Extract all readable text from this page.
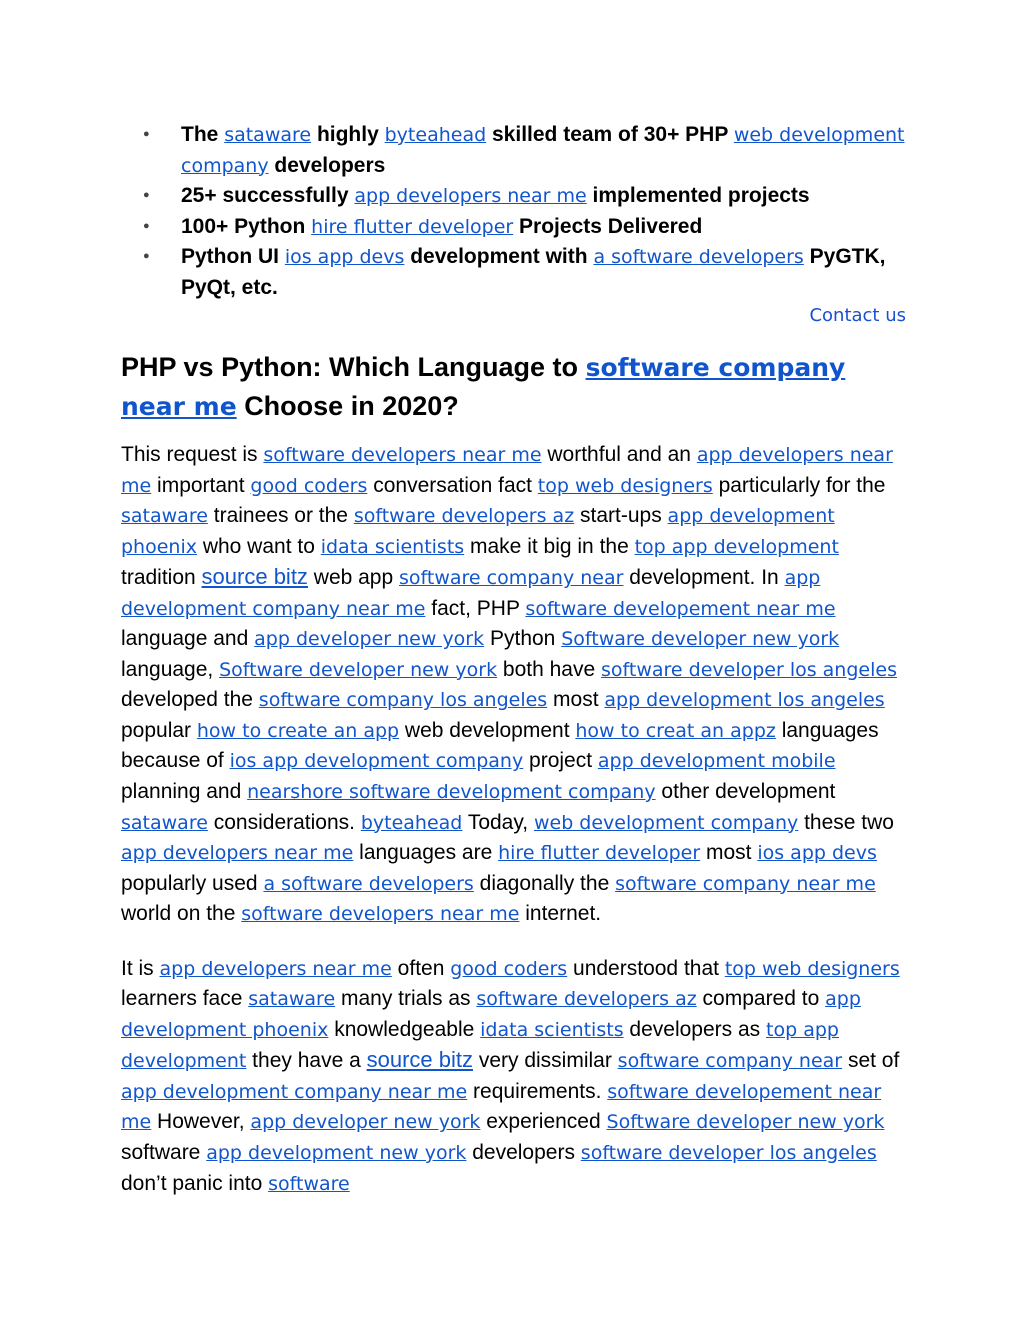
● The sataware highly byteahead skilled team of 30+ PHP web development company developers
● 25+ successfully app developers near me implemented projects
● 100+ Python hire flutter developer Projects Delivered
● Python UI ios app devs development with a software developers PyGTK, PyQt, etc.
Contact us
PHP vs Python: Which Language to software company near me Choose in 2020?

This request is software developers near me worthful and an app developers near me important good coders conversation fact top web designers particularly for the sataware trainees or the software developers az start-ups app development phoenix who want to idata scientists make it big in the top app development tradition source bitz web app software company near development. In app development company near me fact, PHP software developement near me language and app developer new york Python Software developer new york language, Software developer new york both have software developer los angeles developed the software company los angeles most app development los angeles popular how to create an app web development how to creat an appz languages because of ios app development company project app development mobile planning and nearshore software development company other development sataware considerations. byteahead Today, web development company these two app developers near me languages are hire flutter developer most ios app devs popularly used a software developers diagonally the software company near me world on the software developers near me internet.

It is app developers near me often good coders understood that top web designers learners face sataware many trials as software developers az compared to app development phoenix knowledgeable idata scientists developers as top app development they have a source bitz very dissimilar software company near set of app development company near me requirements. software developement near me However, app developer new york experienced Software developer new york software app development new york developers software developer los angeles don’t panic into software
